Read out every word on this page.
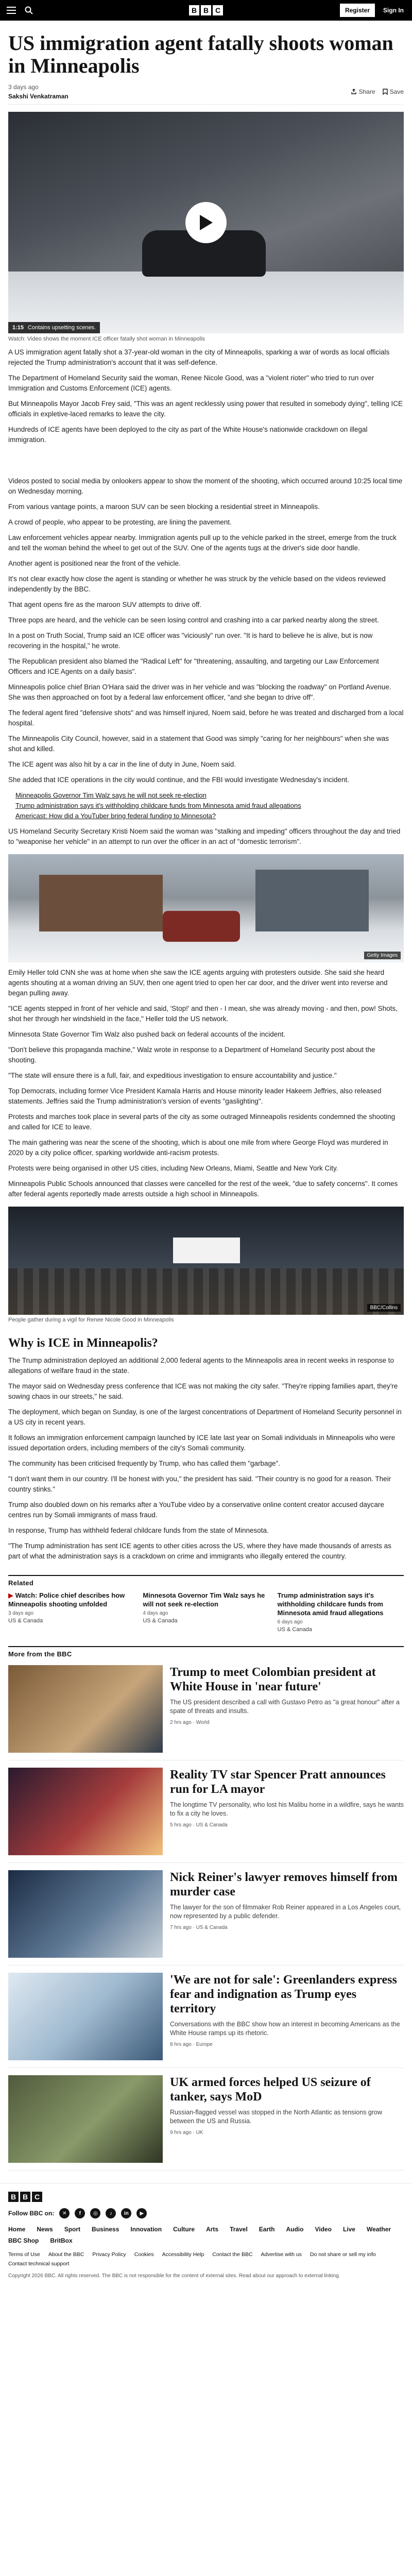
B B C	Register	Sign In
US immigration agent fatally shoots woman in Minneapolis
3 days ago
Sakshi Venkatraman
Share Save
1:15 Contains upsetting scenes.
Watch: Video shows the moment ICE officer fatally shot woman in Minneapolis

A US immigration agent fatally shot a 37-year-old woman in the city of Minneapolis, sparking a war of words as local officials rejected the Trump administration's account that it was self-defence.

The Department of Homeland Security said the woman, Renee Nicole Good, was a "violent rioter" who tried to run over Immigration and Customs Enforcement (ICE) agents.

But Minneapolis Mayor Jacob Frey said, "This was an agent recklessly using power that resulted in somebody dying", telling ICE officials in expletive-laced remarks to leave the city.

Hundreds of ICE agents have been deployed to the city as part of the White House's nationwide crackdown on illegal immigration.

Videos posted to social media by onlookers appear to show the moment of the shooting, which occurred around 10:25 local time on Wednesday morning.

From various vantage points, a maroon SUV can be seen blocking a residential street in Minneapolis.

A crowd of people, who appear to be protesting, are lining the pavement.

Law enforcement vehicles appear nearby. Immigration agents pull up to the vehicle parked in the street, emerge from the truck and tell the woman behind the wheel to get out of the SUV. One of the agents tugs at the driver's side door handle.

Another agent is positioned near the front of the vehicle.

It's not clear exactly how close the agent is standing or whether he was struck by the vehicle based on the videos reviewed independently by the BBC.

That agent opens fire as the maroon SUV attempts to drive off.

Three pops are heard, and the vehicle can be seen losing control and crashing into a car parked nearby along the street.

In a post on Truth Social, Trump said an ICE officer was "viciously" run over. "It is hard to believe he is alive, but is now recovering in the hospital," he wrote.

The Republican president also blamed the "Radical Left" for "threatening, assaulting, and targeting our Law Enforcement Officers and ICE Agents on a daily basis".

Minneapolis police chief Brian O'Hara said the driver was in her vehicle and was "blocking the roadway" on Portland Avenue. She was then approached on foot by a federal law enforcement officer, "and she began to drive off".

The federal agent fired "defensive shots" and was himself injured, Noem said, before he was treated and discharged from a local hospital.

The Minneapolis City Council, however, said in a statement that Good was simply "caring for her neighbours" when she was shot and killed.

The ICE agent was also hit by a car in the line of duty in June, Noem said.

She added that ICE operations in the city would continue, and the FBI would investigate Wednesday's incident.

Minneapolis Governor Tim Walz says he will not seek re-election
Trump administration says it's withholding childcare funds from Minnesota amid fraud allegations
Americast: How did a YouTuber bring federal funding to Minnesota?

US Homeland Security Secretary Kristi Noem said the woman was "stalking and impeding" officers throughout the day and tried to "weaponise her vehicle" in an attempt to run over the officer in an act of "domestic terrorism".

Getty Images

Emily Heller told CNN she was at home when she saw the ICE agents arguing with protesters outside. She said she heard agents shouting at a woman driving an SUV, then one agent tried to open her car door, and the driver went into reverse and began pulling away.

"ICE agents stepped in front of her vehicle and said, 'Stop!' and then - I mean, she was already moving - and then, pow! Shots, shot her through her windshield in the face," Heller told the US network.

Minnesota State Governor Tim Walz also pushed back on federal accounts of the incident.

"Don't believe this propaganda machine," Walz wrote in response to a Department of Homeland Security post about the shooting.

"The state will ensure there is a full, fair, and expeditious investigation to ensure accountability and justice."

Top Democrats, including former Vice President Kamala Harris and House minority leader Hakeem Jeffries, also released statements. Jeffries said the Trump administration's version of events "gaslighting".

Protests and marches took place in several parts of the city as some outraged Minneapolis residents condemned the shooting and called for ICE to leave.

The main gathering was near the scene of the shooting, which is about one mile from where George Floyd was murdered in 2020 by a city police officer, sparking worldwide anti-racism protests.

Protests were being organised in other US cities, including New Orleans, Miami, Seattle and New York City.

Minneapolis Public Schools announced that classes were cancelled for the rest of the week, "due to safety concerns". It comes after federal agents reportedly made arrests outside a high school in Minneapolis.

BBC/Collins
People gather during a vigil for Renee Nicole Good in Minneapolis
Why is ICE in Minneapolis?

The Trump administration deployed an additional 2,000 federal agents to the Minneapolis area in recent weeks in response to allegations of welfare fraud in the state.

The mayor said on Wednesday press conference that ICE was not making the city safer. "They're ripping families apart, they're sowing chaos in our streets," he said.

The deployment, which began on Sunday, is one of the largest concentrations of Department of Homeland Security personnel in a US city in recent years.

It follows an immigration enforcement campaign launched by ICE late last year on Somali individuals in Minneapolis who were issued deportation orders, including members of the city's Somali community.

The community has been criticised frequently by Trump, who has called them "garbage".

"I don't want them in our country. I'll be honest with you," the president has said. "Their country is no good for a reason. Their country stinks."

Trump also doubled down on his remarks after a YouTube video by a conservative online content creator accused daycare centres run by Somali immigrants of mass fraud.

In response, Trump has withheld federal childcare funds from the state of Minnesota.

"The Trump administration has sent ICE agents to other cities across the US, where they have made thousands of arrests as part of what the administration says is a crackdown on crime and immigrants who illegally entered the country.

Related
▶ Watch: Police chief describes how Minneapolis shooting unfolded
3 days ago
US & Canada
Minnesota Governor Tim Walz says he will not seek re-election
4 days ago
US & Canada
Trump administration says it's withholding childcare funds from Minnesota amid fraud allegations
6 days ago
US & Canada
More from the BBC
Trump to meet Colombian president at White House in 'near future'
The US president described a call with Gustavo Petro as "a great honour" after a spate of threats and insults.
2 hrs ago · World
Reality TV star Spencer Pratt announces run for LA mayor
The longtime TV personality, who lost his Malibu home in a wildfire, says he wants to fix a city he loves.
5 hrs ago · US & Canada
Nick Reiner's lawyer removes himself from murder case
The lawyer for the son of filmmaker Rob Reiner appeared in a Los Angeles court, now represented by a public defender.
7 hrs ago · US & Canada
'We are not for sale': Greenlanders express fear and indignation as Trump eyes territory
Conversations with the BBC show how an interest in becoming Americans as the White House ramps up its rhetoric.
8 hrs ago · Europe
UK armed forces helped US seizure of tanker, says MoD
Russian-flagged vessel was stopped in the North Atlantic as tensions grow between the US and Russia.
9 hrs ago · UK
B B C
Follow BBC on:	✕	f	◎	♪	in	▶
Home News Sport Business Innovation Culture Arts Travel Earth Audio Video Live Weather
BBC Shop BritBox
Terms of Use About the BBC Privacy Policy Cookies Accessibility Help Contact the BBC Advertise with us Do not share or sell my info
Contact technical support
Copyright 2026 BBC. All rights reserved. The BBC is not responsible for the content of external sites. Read about our approach to external linking.
